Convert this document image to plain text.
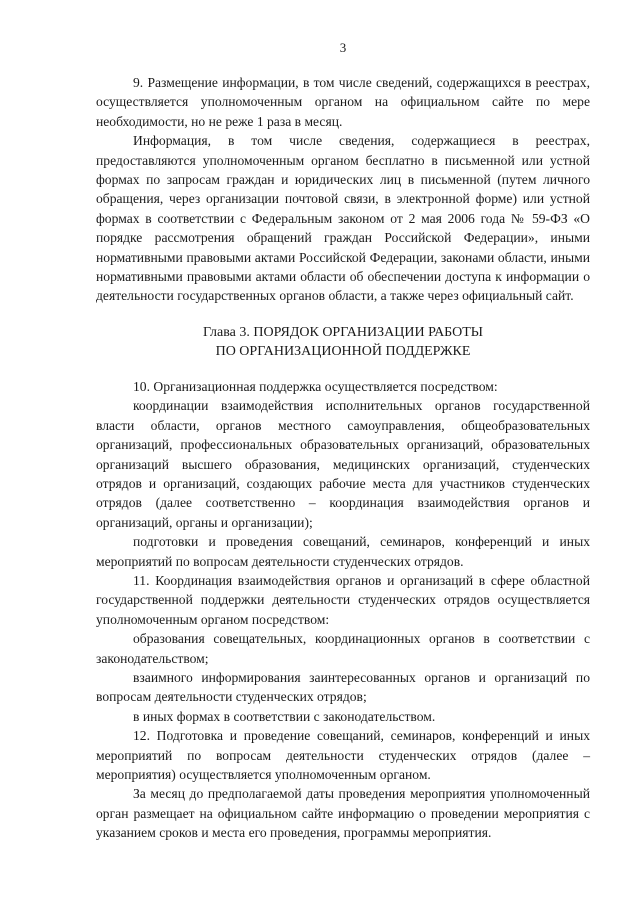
3

9. Размещение информации, в том числе сведений, содержащихся в реестрах, осуществляется уполномоченным органом на официальном сайте по мере необходимости, но не реже 1 раза в месяц.

Информация, в том числе сведения, содержащиеся в реестрах, предоставляются уполномоченным органом бесплатно в письменной или устной формах по запросам граждан и юридических лиц в письменной (путем личного обращения, через организации почтовой связи, в электронной форме) или устной формах в соответствии с Федеральным законом от 2 мая 2006 года № 59-ФЗ «О порядке рассмотрения обращений граждан Российской Федерации», иными нормативными правовыми актами Российской Федерации, законами области, иными нормативными правовыми актами области об обеспечении доступа к информации о деятельности государственных органов области, а также через официальный сайт.

Глава 3. ПОРЯДОК ОРГАНИЗАЦИИ РАБОТЫ
ПО ОРГАНИЗАЦИОННОЙ ПОДДЕРЖКЕ

10. Организационная поддержка осуществляется посредством:

координации взаимодействия исполнительных органов государственной власти области, органов местного самоуправления, общеобразовательных организаций, профессиональных образовательных организаций, образовательных организаций высшего образования, медицинских организаций, студенческих отрядов и организаций, создающих рабочие места для участников студенческих отрядов (далее соответственно – координация взаимодействия органов и организаций, органы и организации);

подготовки и проведения совещаний, семинаров, конференций и иных мероприятий по вопросам деятельности студенческих отрядов.

11. Координация взаимодействия органов и организаций в сфере областной государственной поддержки деятельности студенческих отрядов осуществляется уполномоченным органом посредством:

образования совещательных, координационных органов в соответствии с законодательством;

взаимного информирования заинтересованных органов и организаций по вопросам деятельности студенческих отрядов;

в иных формах в соответствии с законодательством.

12. Подготовка и проведение совещаний, семинаров, конференций и иных мероприятий по вопросам деятельности студенческих отрядов (далее – мероприятия) осуществляется уполномоченным органом.

За месяц до предполагаемой даты проведения мероприятия уполномоченный орган размещает на официальном сайте информацию о проведении мероприятия с указанием сроков и места его проведения, программы мероприятия.
